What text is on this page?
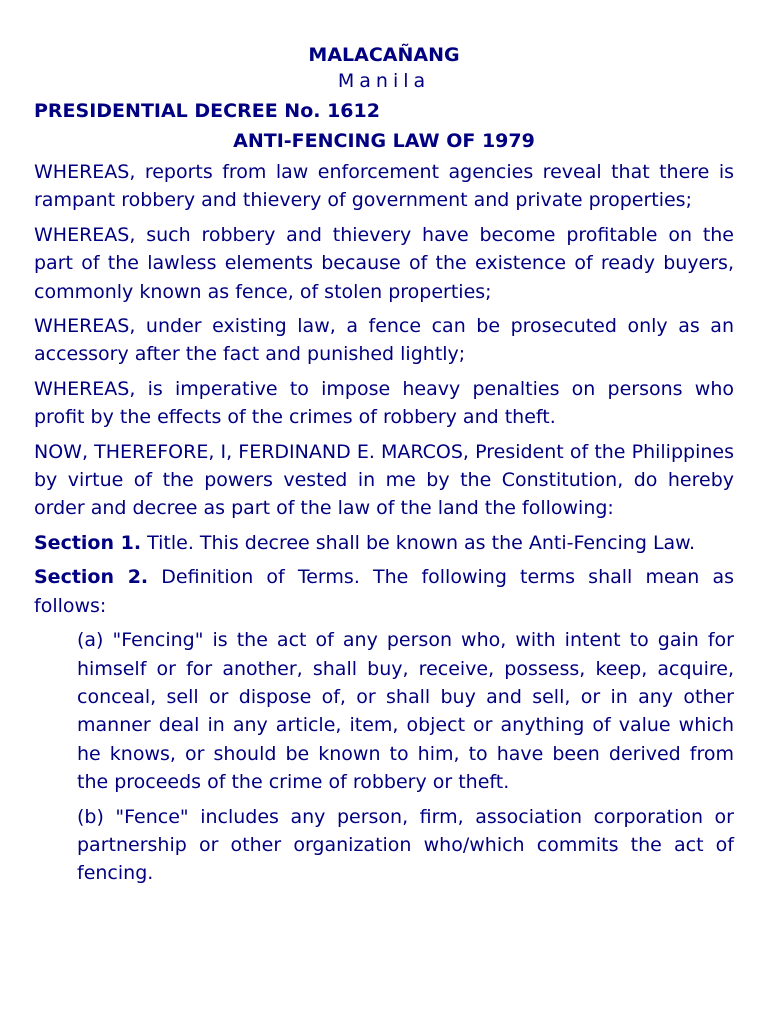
MALACAÑANG
Manila
PRESIDENTIAL DECREE No. 1612
ANTI-FENCING LAW OF 1979

WHEREAS, reports from law enforcement agencies reveal that there is rampant robbery and thievery of government and private properties;

WHEREAS, such robbery and thievery have become profitable on the part of the lawless elements because of the existence of ready buyers, commonly known as fence, of stolen properties;

WHEREAS, under existing law, a fence can be prosecuted only as an accessory after the fact and punished lightly;

WHEREAS, is imperative to impose heavy penalties on persons who profit by the effects of the crimes of robbery and theft.

NOW, THEREFORE, I, FERDINAND E. MARCOS, President of the Philippines by virtue of the powers vested in me by the Constitution, do hereby order and decree as part of the law of the land the following:

Section 1. Title. This decree shall be known as the Anti-Fencing Law.

Section 2. Definition of Terms. The following terms shall mean as follows:

(a) "Fencing" is the act of any person who, with intent to gain for himself or for another, shall buy, receive, possess, keep, acquire, conceal, sell or dispose of, or shall buy and sell, or in any other manner deal in any article, item, object or anything of value which he knows, or should be known to him, to have been derived from the proceeds of the crime of robbery or theft.

(b) "Fence" includes any person, firm, association corporation or partnership or other organization who/which commits the act of fencing.
